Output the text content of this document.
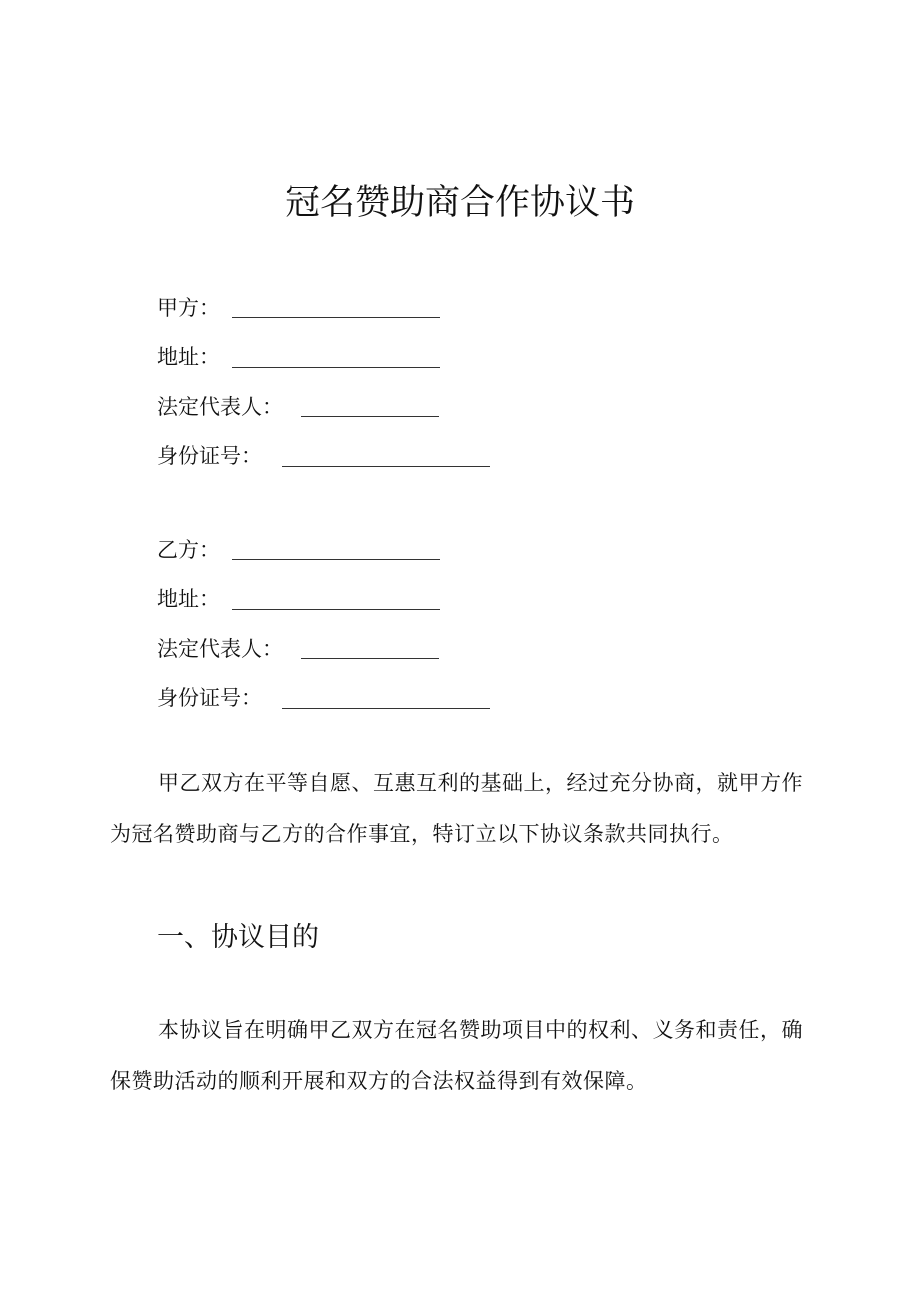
冠名赞助商合作协议书
甲方：
地址：
法定代表人：
身份证号：
乙方：
地址：
法定代表人：
身份证号：

甲乙双方在平等自愿、互惠互利的基础上，经过充分协商，就甲方作为冠名赞助商与乙方的合作事宜，特订立以下协议条款共同执行。

一、协议目的

本协议旨在明确甲乙双方在冠名赞助项目中的权利、义务和责任，确保赞助活动的顺利开展和双方的合法权益得到有效保障。
